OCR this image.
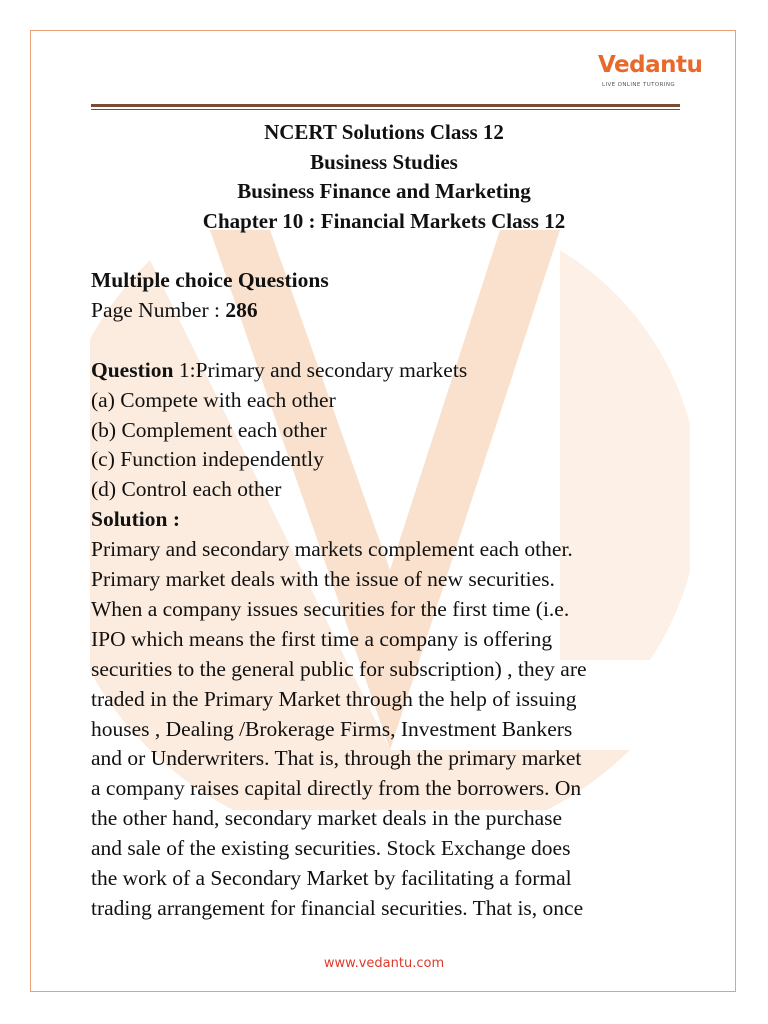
Vedantu
LIVE ONLINE TUTORING
NCERT Solutions Class 12
Business Studies
Business Finance and Marketing
Chapter 10 : Financial Markets Class 12
Multiple choice Questions
Page Number : 286
Question 1:Primary and secondary markets
(a) Compete with each other
(b) Complement each other
(c) Function independently
(d) Control each other
Solution :
Primary and secondary markets complement each other.
Primary market deals with the issue of new securities.
When a company issues securities for the first time (i.e.
IPO which means the first time a company is offering
securities to the general public for subscription) , they are
traded in the Primary Market through the help of issuing
houses , Dealing /Brokerage Firms, Investment Bankers
and or Underwriters. That is, through the primary market
a company raises capital directly from the borrowers. On
the other hand, secondary market deals in the purchase
and sale of the existing securities. Stock Exchange does
the work of a Secondary Market by facilitating a formal
trading arrangement for financial securities. That is, once
www.vedantu.com
